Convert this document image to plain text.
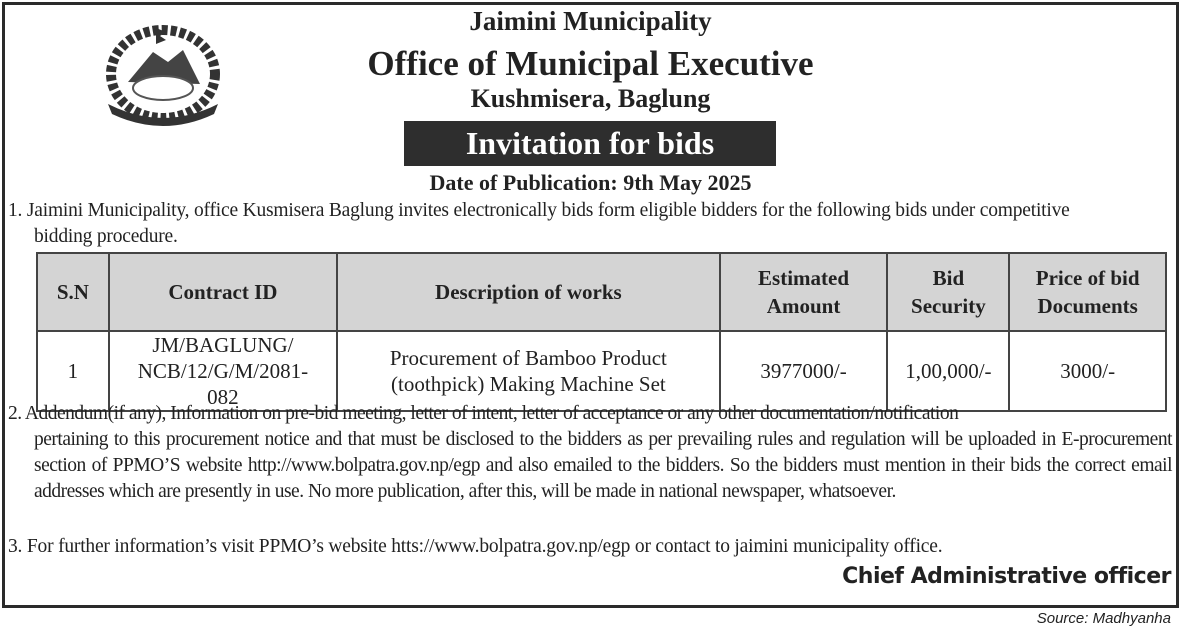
Jaimini Municipality
Office of Municipal Executive
Kushmisera, Baglung
Invitation for bids
Date of Publication: 9th May 2025
1. Jaimini Municipality, office Kusmisera Baglung invites electronically bids form eligible bidders for the following bids under competitive
bidding procedure.
S.N	Contract ID	Description of works	Estimated Amount	Bid Security	Price of bid Documents
1	JM/BAGLUNG/ NCB/12/G/M/2081-082	Procurement of Bamboo Product (toothpick) Making Machine Set	3977000/-	1,00,000/-	3000/-
2. Addendum(if any), Information on pre-bid meeting, letter of intent, letter of acceptance or any other documentation/notification
pertaining to this procurement notice and that must be disclosed to the bidders as per prevailing rules and regulation will be uploaded in E-procurement section of PPMO’S website http://www.bolpatra.gov.np/egp and also emailed to the bidders. So the bidders must mention in their bids the correct email addresses which are presently in use. No more publication, after this, will be made in national newspaper, whatsoever.
3. For further information’s visit PPMO’s website htts://www.bolpatra.gov.np/egp or contact to jaimini municipality office.
Chief Administrative officer
Source: Madhyanha
